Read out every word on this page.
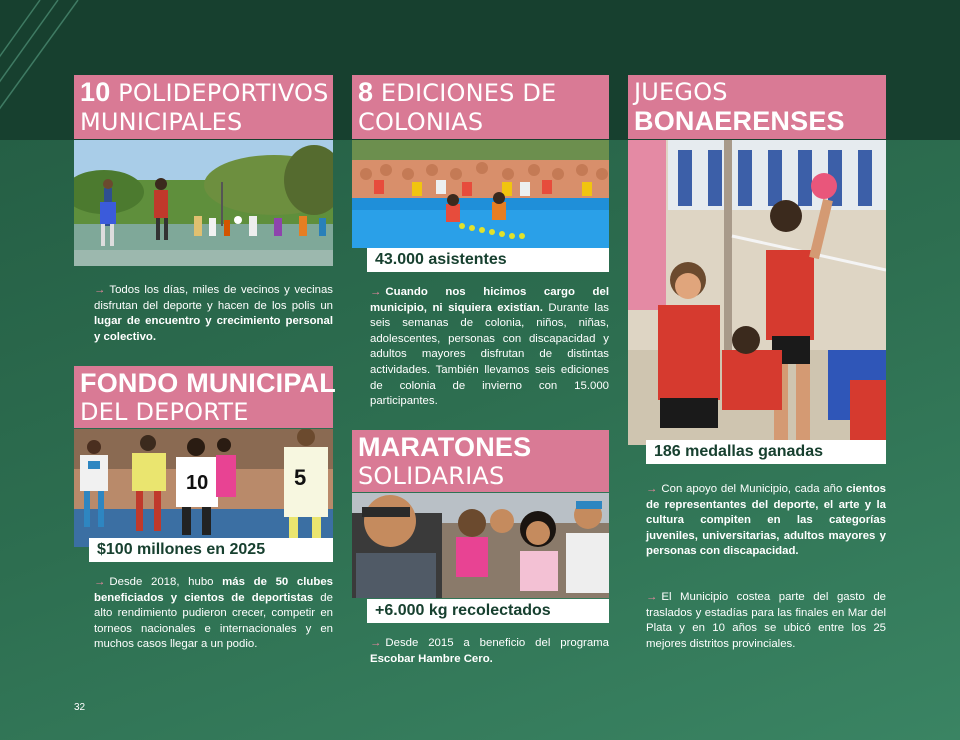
10 POLIDEPORTIVOS
MUNICIPALES

→ Todos los días, miles de vecinos y vecinas disfrutan del deporte y hacen de los polis un lugar de encuentro y crecimiento personal y colectivo.

FONDO MUNICIPAL
DEL DEPORTE
10	5
$100 millones en 2025

→ Desde 2018, hubo más de 50 clubes beneficiados y cientos de deportistas de alto rendimiento pudieron crecer, competir en torneos nacionales e internacionales y en muchos casos llegar a un podio.

8 EDICIONES DE
COLONIAS
43.000 asistentes

→ Cuando nos hicimos cargo del municipio, ni siquiera existían. Durante las seis semanas de colonia, niños, niñas, adolescentes, personas con discapacidad y adultos mayores disfrutan de distintas actividades. También llevamos seis ediciones de colonia de invierno con 15.000 participantes.

MARATONES
SOLIDARIAS
+6.000 kg recolectados

→ Desde 2015 a beneficio del programa Escobar Hambre Cero.

JUEGOS
BONAERENSES
186 medallas ganadas

→ Con apoyo del Municipio, cada año cientos de representantes del deporte, el arte y la cultura compiten en las categorías juveniles, universitarias, adultos mayores y personas con discapacidad.

→ El Municipio costea parte del gasto de traslados y estadías para las finales en Mar del Plata y en 10 años se ubicó entre los 25 mejores distritos provinciales.

32
